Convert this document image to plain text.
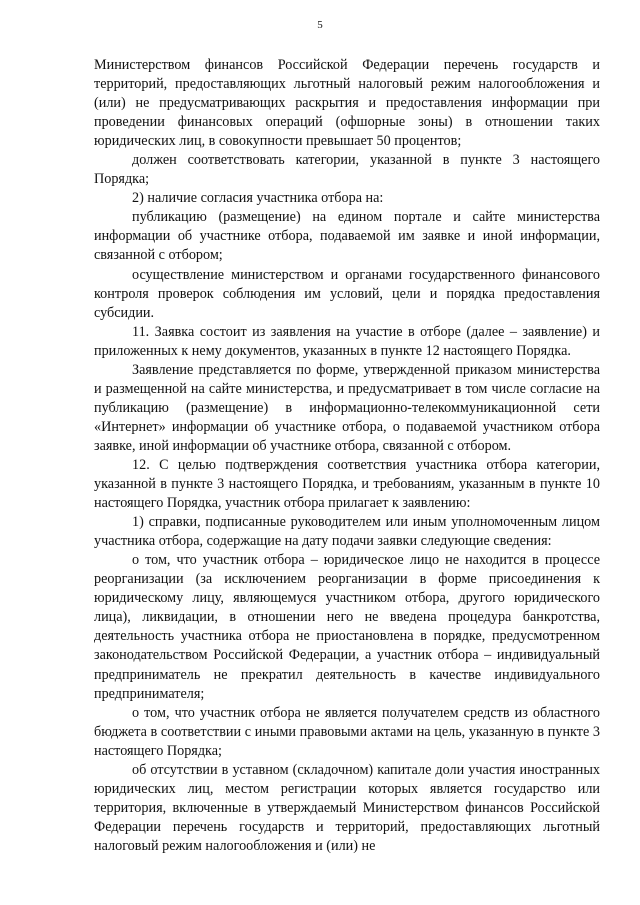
5

Министерством финансов Российской Федерации перечень государств и территорий, предоставляющих льготный налоговый режим налогообложения и (или) не предусматривающих раскрытия и предоставления информации при проведении финансовых операций (офшорные зоны) в отношении таких юридических лиц, в совокупности превышает 50 процентов;

должен соответствовать категории, указанной в пункте 3 настоящего Порядка;

2) наличие согласия участника отбора на:

публикацию (размещение) на едином портале и сайте министерства информации об участнике отбора, подаваемой им заявке и иной информации, связанной с отбором;

осуществление министерством и органами государственного финансового контроля проверок соблюдения им условий, цели и порядка предоставления субсидии.

11. Заявка состоит из заявления на участие в отборе (далее – заявление) и приложенных к нему документов, указанных в пункте 12 настоящего Порядка.

Заявление представляется по форме, утвержденной приказом министерства и размещенной на сайте министерства, и предусматривает в том числе согласие на публикацию (размещение) в информационно-телекоммуникационной сети «Интернет» информации об участнике отбора, о подаваемой участником отбора заявке, иной информации об участнике отбора, связанной с отбором.

12. С целью подтверждения соответствия участника отбора категории, указанной в пункте 3 настоящего Порядка, и требованиям, указанным в пункте 10 настоящего Порядка, участник отбора прилагает к заявлению:

1) справки, подписанные руководителем или иным уполномоченным лицом участника отбора, содержащие на дату подачи заявки следующие сведения:

о том, что участник отбора – юридическое лицо не находится в процессе реорганизации (за исключением реорганизации в форме присоединения к юридическому лицу, являющемуся участником отбора, другого юридического лица), ликвидации, в отношении него не введена процедура банкротства, деятельность участника отбора не приостановлена в порядке, предусмотренном законодательством Российской Федерации, а участник отбора – индивидуальный предприниматель не прекратил деятельность в качестве индивидуального предпринимателя;

о том, что участник отбора не является получателем средств из областного бюджета в соответствии с иными правовыми актами на цель, указанную в пункте 3 настоящего Порядка;

об отсутствии в уставном (складочном) капитале доли участия иностранных юридических лиц, местом регистрации которых является государство или территория, включенные в утверждаемый Министерством финансов Российской Федерации перечень государств и территорий, предоставляющих льготный налоговый режим налогообложения и (или) не
